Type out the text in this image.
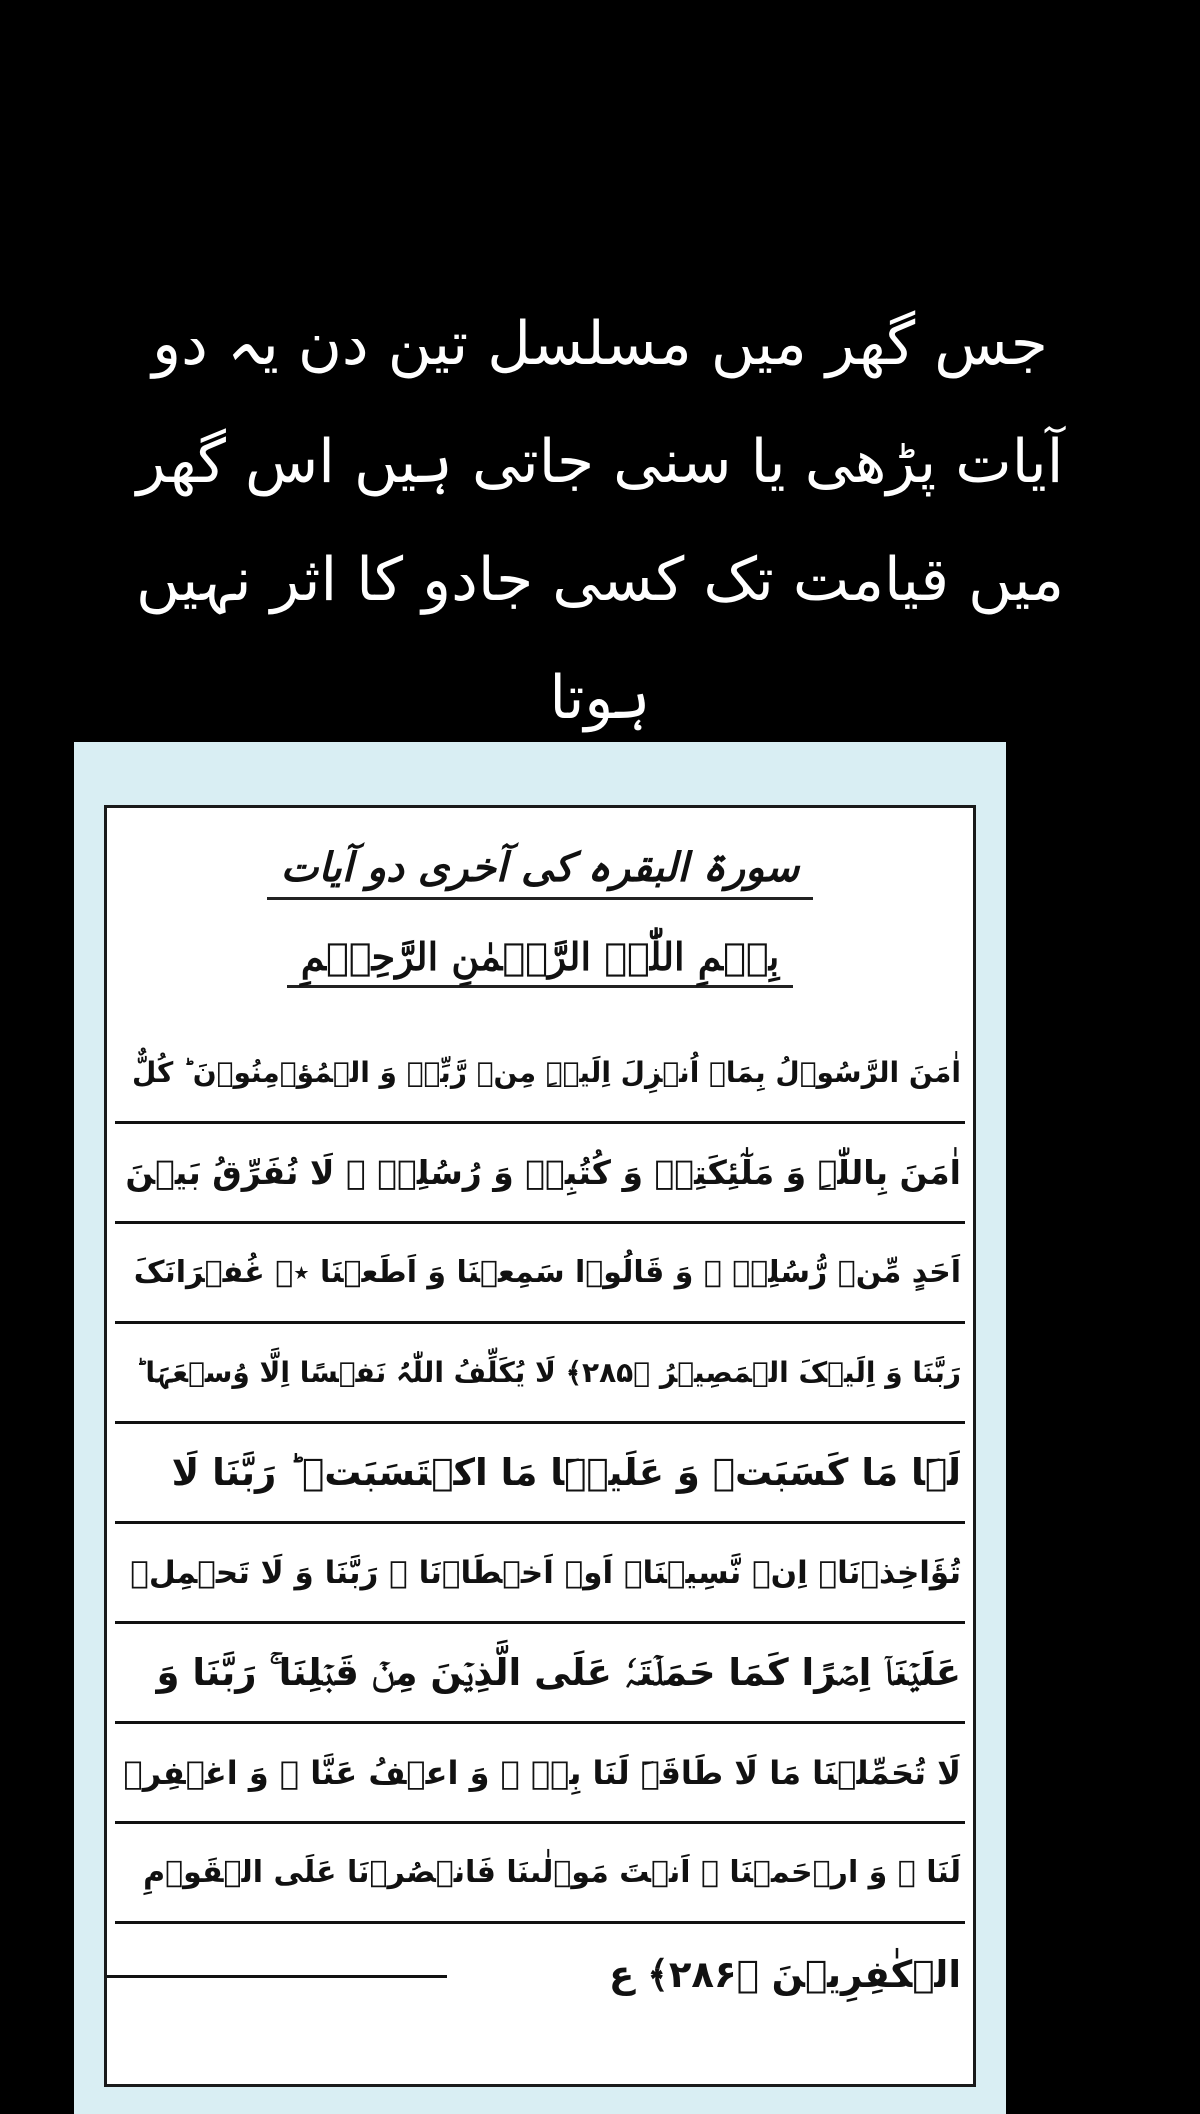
جس گھر میں مسلسل تین دن یہ دو
آیات پڑھی یا سنی جاتی ہیں اس گھر
میں قیامت تک کسی جادو کا اثر نہیں
ہوتا
سورۃ البقرہ کی آخری دو آیات
بِسۡمِ اللّٰہِ الرَّحۡمٰنِ الرَّحِیۡمِ
اٰمَنَ الرَّسُوۡلُ بِمَاۤ اُنۡزِلَ اِلَیۡہِ مِنۡ رَّبِّہٖ وَ الۡمُؤۡمِنُوۡنَ ؕ کُلٌّ
اٰمَنَ بِاللّٰہِ وَ مَلٰٓئِکَتِہٖ وَ کُتُبِہٖ وَ رُسُلِہٖ ۟ لَا نُفَرِّقُ بَیۡنَ
اَحَدٍ مِّنۡ رُّسُلِہٖ ۟ وَ قَالُوۡا سَمِعۡنَا وَ اَطَعۡنَا ٭۫ غُفۡرَانَکَ
رَبَّنَا وَ اِلَیۡکَ الۡمَصِیۡرُ ﴿۲۸۵﴾ لَا یُکَلِّفُ اللّٰہُ نَفۡسًا اِلَّا وُسۡعَہَا ؕ
لَہَا مَا کَسَبَتۡ وَ عَلَیۡہَا مَا اکۡتَسَبَتۡ ؕ رَبَّنَا لَا
تُؤَاخِذۡنَاۤ اِنۡ نَّسِیۡنَاۤ اَوۡ اَخۡطَاۡنَا ۚ رَبَّنَا وَ لَا تَحۡمِلۡ
عَلَیۡنَاۤ اِصۡرًا کَمَا حَمَلۡتَہٗ عَلَی الَّذِیۡنَ مِنۡ قَبۡلِنَا ۚ رَبَّنَا وَ
لَا تُحَمِّلۡنَا مَا لَا طَاقَۃَ لَنَا بِہٖ ۚ وَ اعۡفُ عَنَّا ٝ وَ اغۡفِرۡ
لَنَا ٝ وَ ارۡحَمۡنَا ٝ اَنۡتَ مَوۡلٰىنَا فَانۡصُرۡنَا عَلَی الۡقَوۡمِ
الۡکٰفِرِیۡنَ ﴿۲۸۶﴾ ع
